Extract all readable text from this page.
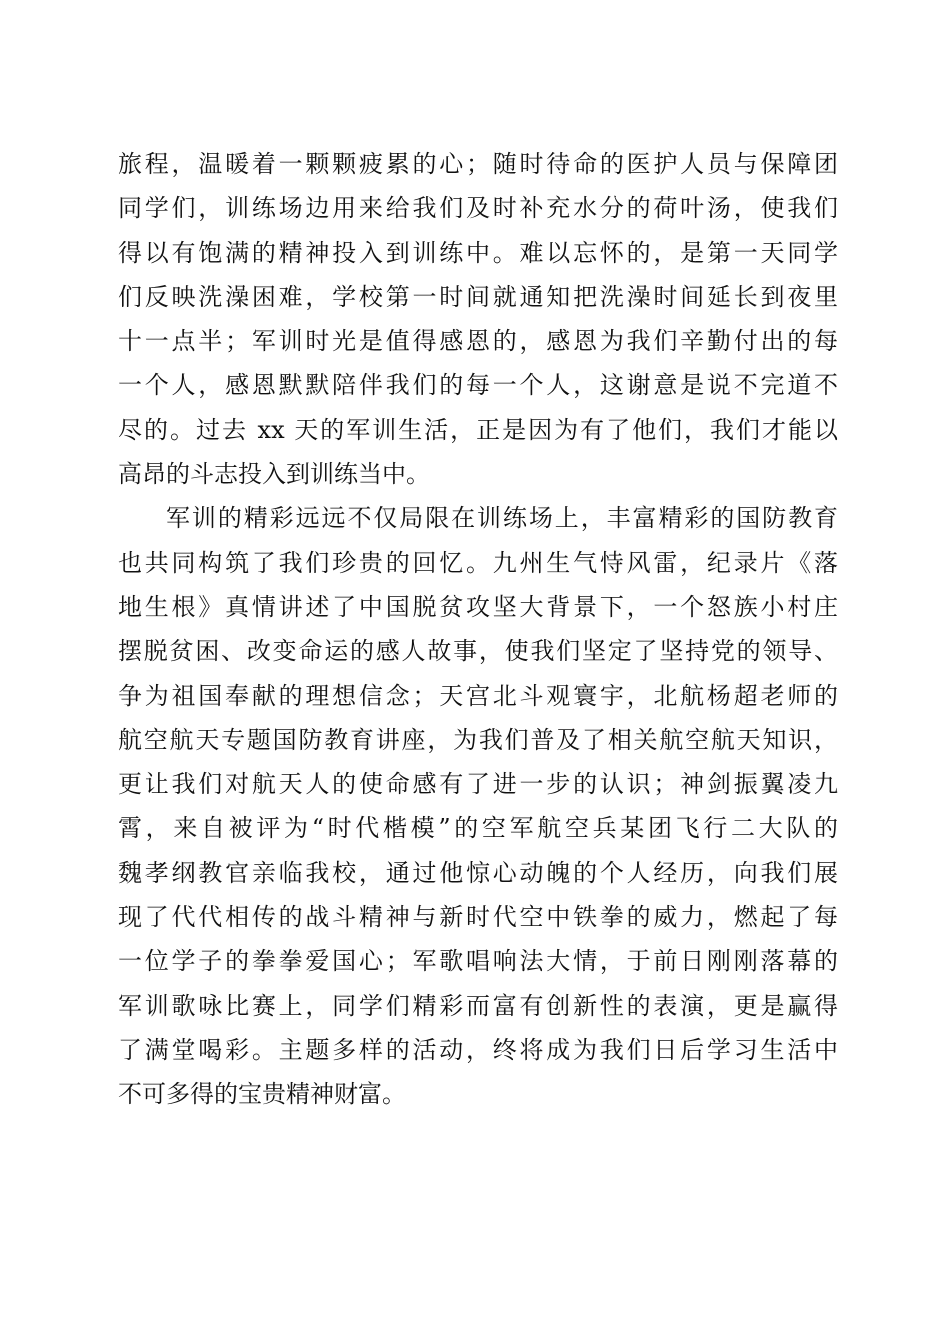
旅程，温暖着一颗颗疲累的心；随时待命的医护人员与保障团
同学们，训练场边用来给我们及时补充水分的荷叶汤，使我们
得以有饱满的精神投入到训练中。难以忘怀的，是第一天同学
们反映洗澡困难，学校第一时间就通知把洗澡时间延长到夜里
十一点半；军训时光是值得感恩的，感恩为我们辛勤付出的每
一个人，感恩默默陪伴我们的每一个人，这谢意是说不完道不
尽的。过去 xx 天的军训生活，正是因为有了他们，我们才能以
高昂的斗志投入到训练当中。
军训的精彩远远不仅局限在训练场上，丰富精彩的国防教育
也共同构筑了我们珍贵的回忆。九州生气恃风雷，纪录片《落
地生根》真情讲述了中国脱贫攻坚大背景下，一个怒族小村庄
摆脱贫困、改变命运的感人故事，使我们坚定了坚持党的领导、
争为祖国奉献的理想信念；天宫北斗观寰宇，北航杨超老师的
航空航天专题国防教育讲座，为我们普及了相关航空航天知识，
更让我们对航天人的使命感有了进一步的认识；神剑振翼凌九
霄，来自被评为“时代楷模”的空军航空兵某团飞行二大队的
魏孝纲教官亲临我校，通过他惊心动魄的个人经历，向我们展
现了代代相传的战斗精神与新时代空中铁拳的威力，燃起了每
一位学子的拳拳爱国心；军歌唱响法大情，于前日刚刚落幕的
军训歌咏比赛上，同学们精彩而富有创新性的表演，更是赢得
了满堂喝彩。主题多样的活动，终将成为我们日后学习生活中
不可多得的宝贵精神财富。
